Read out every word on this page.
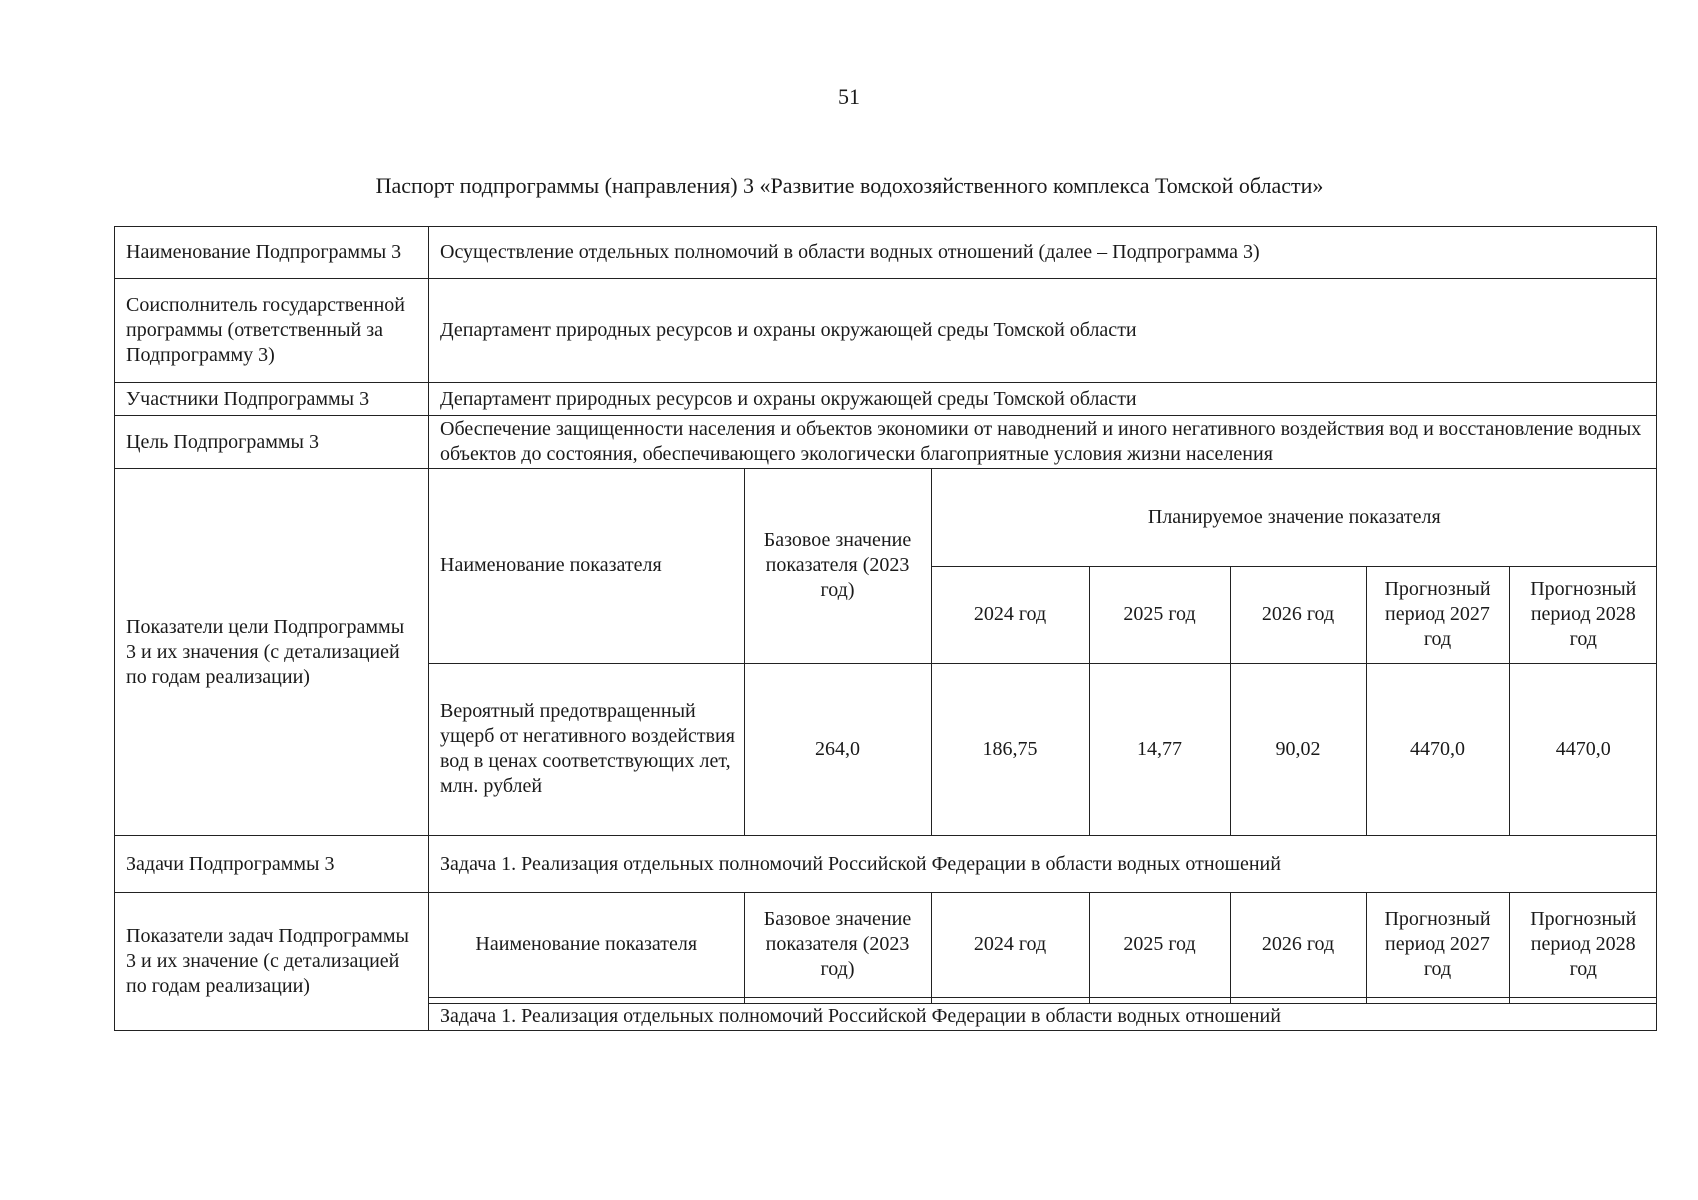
51
Паспорт подпрограммы (направления) 3 «Развитие водохозяйственного комплекса Томской области»
Наименование Подпрограммы 3	Осуществление отдельных полномочий в области водных отношений (далее – Подпрограмма 3)
Соисполнитель государственной программы (ответственный за Подпрограмму 3)	Департамент природных ресурсов и охраны окружающей среды Томской области
Участники Подпрограммы 3	Департамент природных ресурсов и охраны окружающей среды Томской области
Цель Подпрограммы 3	Обеспечение защищенности населения и объектов экономики от наводнений и иного негативного воздействия вод и восстановление водных объектов до состояния, обеспечивающего экологически благоприятные условия жизни населения
Показатели цели Подпрограммы 3 и их значения (с детализацией по годам реализации)	
Наименование показателя	Базовое значение показателя (2023 год)	Планируемое значение показателя
2024 год	2025 год	2026 год	Прогнозный период 2027 год	Прогнозный период 2028 год
Вероятный предотвращенный ущерб от негативного воздействия вод в ценах соответствующих лет, млн. рублей	264,0	186,75	14,77	90,02	4470,0	4470,0

Задачи Подпрограммы 3	Задача 1. Реализация отдельных полномочий Российской Федерации в области водных отношений
Показатели задач Подпрограммы 3 и их значение (с детализацией по годам реализации)	
Наименование показателя	Базовое значение показателя (2023 год)	2024 год	2025 год	2026 год	Прогнозный период 2027 год	Прогнозный период 2028 год

Задача 1. Реализация отдельных полномочий Российской Федерации в области водных отношений
